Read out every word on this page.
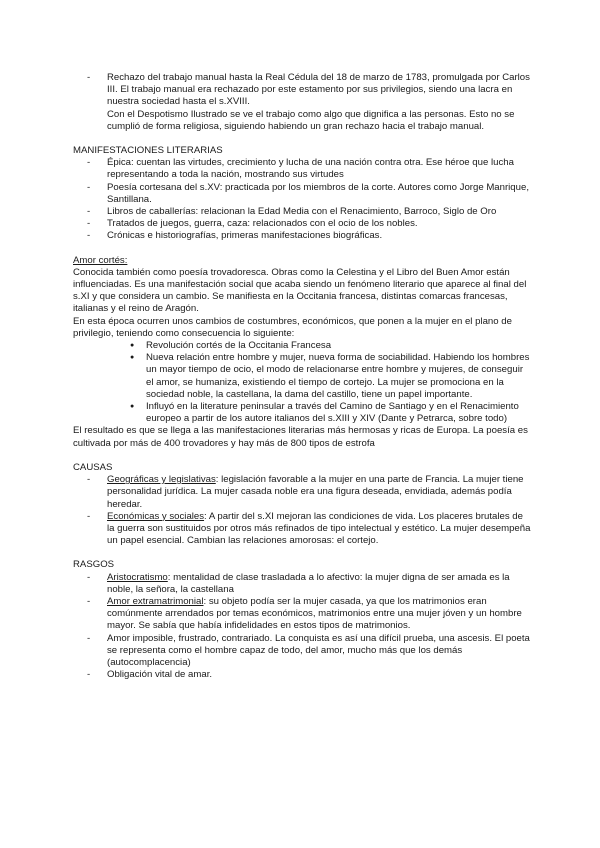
- Rechazo del trabajo manual hasta la Real Cédula del 18 de marzo de 1783, promulgada por Carlos III. El trabajo manual era rechazado por este estamento por sus privilegios, siendo una lacra en nuestra sociedad hasta el s.XVIII.

Con el Despotismo Ilustrado se ve el trabajo como algo que dignifica a las personas. Esto no se cumplió de forma religiosa, siguiendo habiendo un gran rechazo hacia el trabajo manual.

MANIFESTACIONES LITERARIAS
- Épica: cuentan las virtudes, crecimiento y lucha de una nación contra otra. Ese héroe que lucha representando a toda la nación, mostrando sus virtudes
- Poesía cortesana del s.XV: practicada por los miembros de la corte. Autores como Jorge Manrique, Santillana.
- Libros de caballerías: relacionan la Edad Media con el Renacimiento, Barroco, Siglo de Oro
- Tratados de juegos, guerra, caza: relacionados con el ocio de los nobles.
- Crónicas e historiografías, primeras manifestaciones biográficas.
Amor cortés:

Conocida también como poesía trovadoresca. Obras como la Celestina y el Libro del Buen Amor están influenciadas. Es una manifestación social que acaba siendo un fenómeno literario que aparece al final del s.XI y que considera un cambio. Se manifiesta en la Occitania francesa, distintas comarcas francesas, italianas y el reino de Aragón.

En esta época ocurren unos cambios de costumbres, económicos, que ponen a la mujer en el plano de privilegio, teniendo como consecuencia lo siguiente:

● Revolución cortés de la Occitania Francesa
● Nueva relación entre hombre y mujer, nueva forma de sociabilidad. Habiendo los hombres un mayor tiempo de ocio, el modo de relacionarse entre hombre y mujeres, de conseguir el amor, se humaniza, existiendo el tiempo de cortejo. La mujer se promociona en la sociedad noble, la castellana, la dama del castillo, tiene un papel importante.
● Influyó en la literature peninsular a través del Camino de Santiago y en el Renacimiento europeo a partir de los autore italianos del s.XIII y XIV (Dante y Petrarca, sobre todo)

El resultado es que se llega a las manifestaciones literarias más hermosas y ricas de Europa. La poesía es cultivada por más de 400 trovadores y hay más de 800 tipos de estrofa

CAUSAS
- Geográficas y legislativas: legislación favorable a la mujer en una parte de Francia. La mujer tiene personalidad jurídica. La mujer casada noble era una figura deseada, envidiada, además podía heredar.
- Económicas y sociales: A partir del s.XI mejoran las condiciones de vida. Los placeres brutales de la guerra son sustituidos por otros más refinados de tipo intelectual y estético. La mujer desempeña un papel esencial. Cambian las relaciones amorosas: el cortejo.
RASGOS
- Aristocratismo: mentalidad de clase trasladada a lo afectivo: la mujer digna de ser amada es la noble, la señora, la castellana
- Amor extramatrimonial: su objeto podía ser la mujer casada, ya que los matrimonios eran comúnmente arrendados por temas económicos, matrimonios entre una mujer jóven y un hombre mayor. Se sabía que había infidelidades en estos tipos de matrimonios.
- Amor imposible, frustrado, contrariado. La conquista es así una difícil prueba, una ascesis. El poeta se representa como el hombre capaz de todo, del amor, mucho más que los demás (autocomplacencia)
- Obligación vital de amar.
